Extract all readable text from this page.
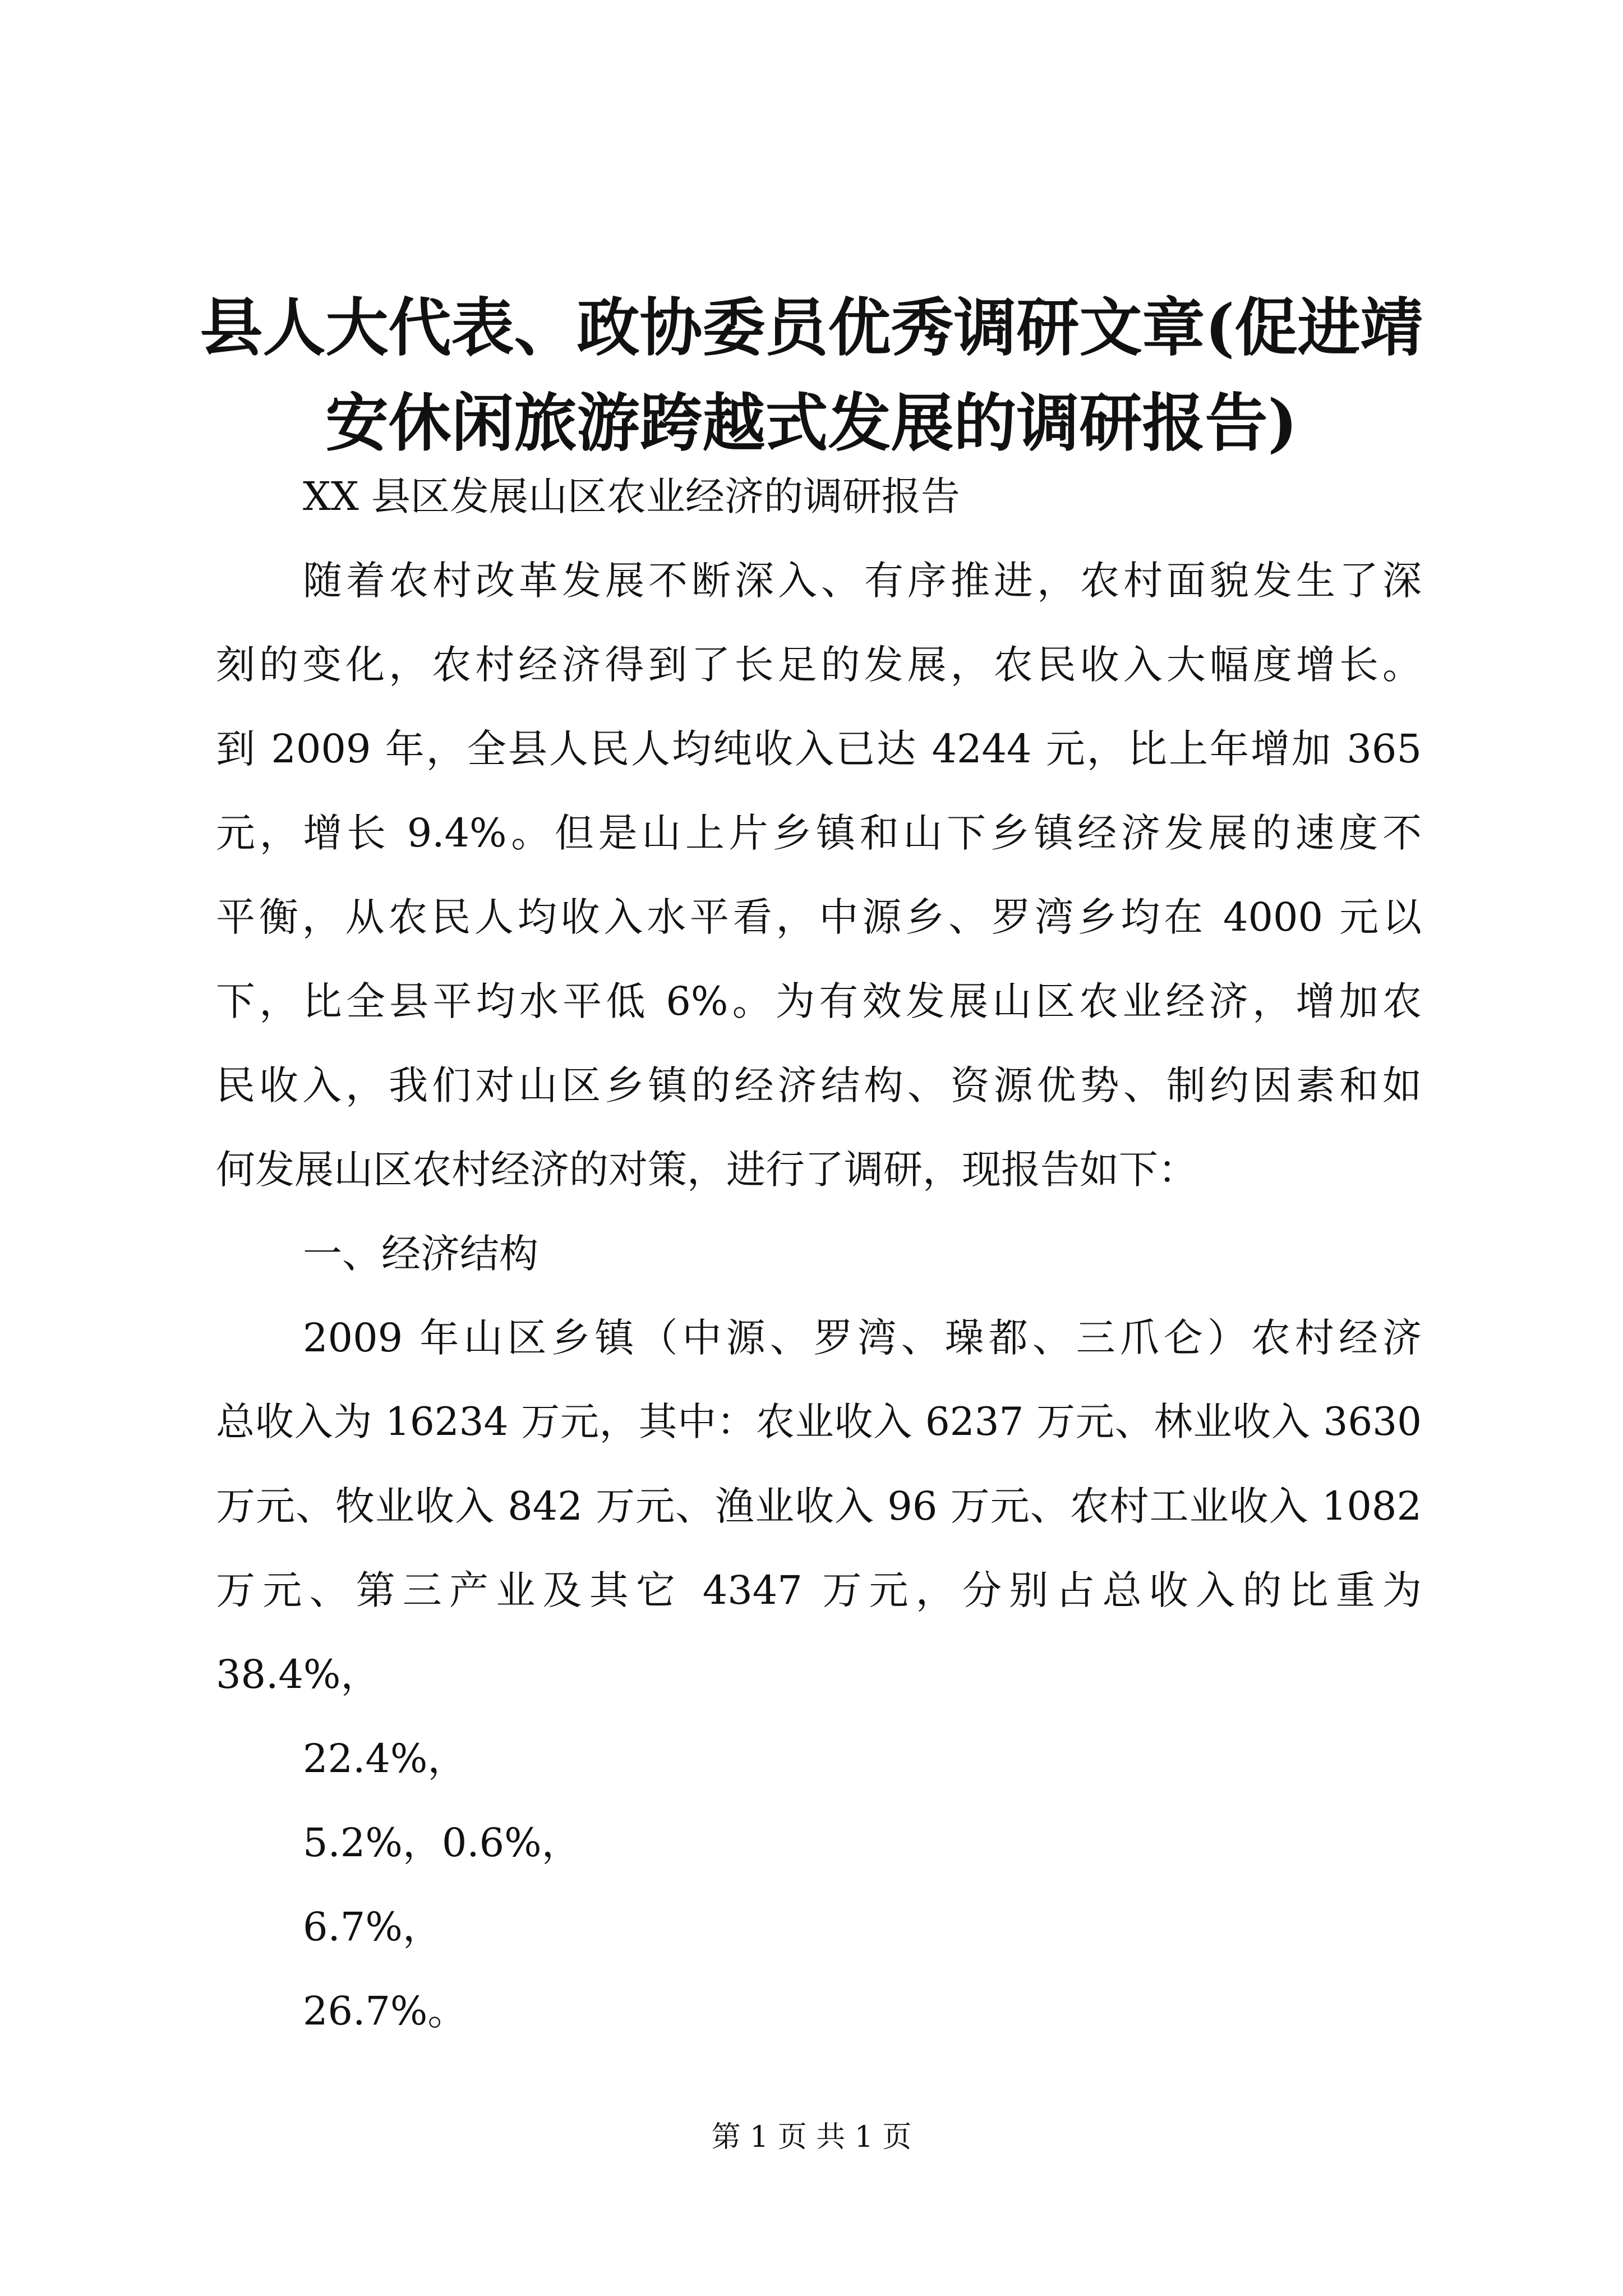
县人大代表、政协委员优秀调研文章(促进靖
安休闲旅游跨越式发展的调研报告)
XX 县区发展山区农业经济的调研报告
随着农村改革发展不断深入、有序推进，农村面貌发生了深
刻的变化，农村经济得到了长足的发展，农民收入大幅度增长。
到 2009 年，全县人民人均纯收入已达 4244 元，比上年增加 365
元，增长 9.4%。但是山上片乡镇和山下乡镇经济发展的速度不
平衡，从农民人均收入水平看，中源乡、罗湾乡均在 4000 元以
下，比全县平均水平低 6%。为有效发展山区农业经济，增加农
民收入，我们对山区乡镇的经济结构、资源优势、制约因素和如
何发展山区农村经济的对策，进行了调研，现报告如下：
一、经济结构
2009 年山区乡镇（中源、罗湾、璪都、三爪仑）农村经济
总收入为 16234 万元，其中：农业收入 6237 万元、林业收入 3630
万元、牧业收入 842 万元、渔业收入 96 万元、农村工业收入 1082
万元、第三产业及其它 4347 万元，分别占总收入的比重为
38.4%，
22.4%，
5.2%，0.6%，
6.7%，
26.7%。
第 1 页 共 1 页
